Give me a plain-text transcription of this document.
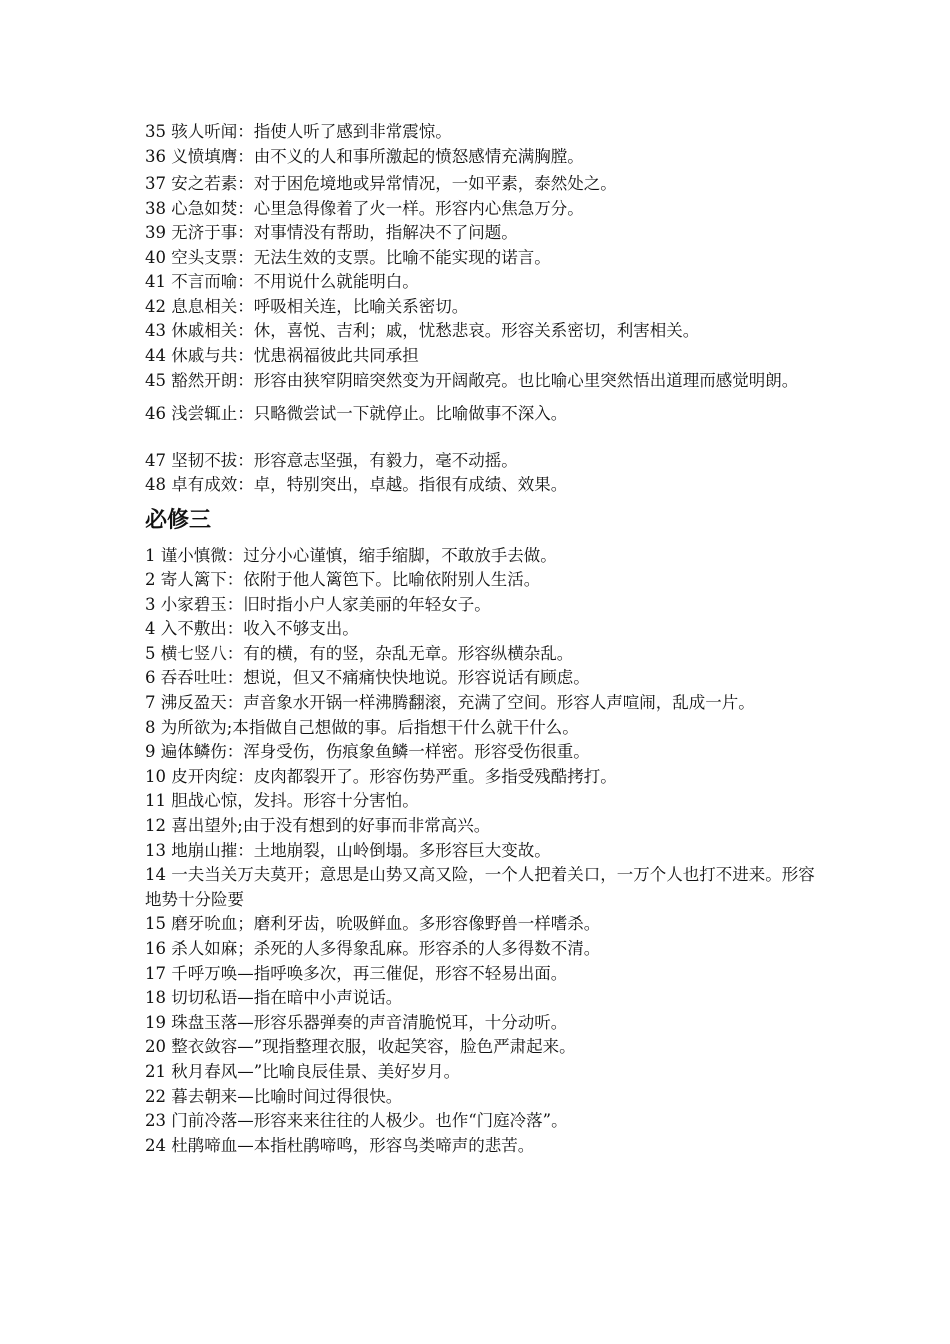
35 骇人听闻：指使人听了感到非常震惊。
36 义愤填膺：由不义的人和事所激起的愤怒感情充满胸膛。
37 安之若素：对于困危境地或异常情况，一如平素，泰然处之。
38 心急如焚：心里急得像着了火一样。形容内心焦急万分。
39 无济于事：对事情没有帮助，指解决不了问题。
40 空头支票：无法生效的支票。比喻不能实现的诺言。
41 不言而喻：不用说什么就能明白。
42 息息相关：呼吸相关连，比喻关系密切。
43 休戚相关：休，喜悦、吉利；戚，忧愁悲哀。形容关系密切，利害相关。
44 休戚与共：忧患祸福彼此共同承担
45 豁然开朗：形容由狭窄阴暗突然变为开阔敞亮。也比喻心里突然悟出道理而感觉明朗。
46 浅尝辄止：只略微尝试一下就停止。比喻做事不深入。
47 坚韧不拔：形容意志坚强，有毅力，毫不动摇。
48 卓有成效：卓，特别突出，卓越。指很有成绩、效果。
必修三
1 谨小慎微：过分小心谨慎，缩手缩脚，不敢放手去做。
2 寄人篱下：依附于他人篱笆下。比喻依附别人生活。
3 小家碧玉：旧时指小户人家美丽的年轻女子。
4 入不敷出：收入不够支出。
5 横七竖八：有的横，有的竖，杂乱无章。形容纵横杂乱。
6 吞吞吐吐：想说，但又不痛痛快快地说。形容说话有顾虑。
7 沸反盈天：声音象水开锅一样沸腾翻滚，充满了空间。形容人声喧闹，乱成一片。
8 为所欲为;本指做自己想做的事。后指想干什么就干什么。
9 遍体鳞伤：浑身受伤，伤痕象鱼鳞一样密。形容受伤很重。
10 皮开肉绽：皮肉都裂开了。形容伤势严重。多指受残酷拷打。
11 胆战心惊，发抖。形容十分害怕。
12 喜出望外;由于没有想到的好事而非常高兴。
13 地崩山摧：土地崩裂，山岭倒塌。多形容巨大变故。
14 一夫当关万夫莫开；意思是山势又高又险，一个人把着关口，一万个人也打不进来。形容地势十分险要
15 磨牙吮血；磨利牙齿，吮吸鲜血。多形容像野兽一样嗜杀。
16 杀人如麻；杀死的人多得象乱麻。形容杀的人多得数不清。
17 千呼万唤—指呼唤多次，再三催促，形容不轻易出面。
18 切切私语—指在暗中小声说话。
19 珠盘玉落—形容乐器弹奏的声音清脆悦耳，十分动听。
20 整衣敛容—”现指整理衣服，收起笑容，脸色严肃起来。
21 秋月春风—”比喻良辰佳景、美好岁月。
22 暮去朝来—比喻时间过得很快。
23 门前冷落—形容来来往往的人极少。也作“门庭冷落”。
24 杜鹃啼血—本指杜鹃啼鸣，形容鸟类啼声的悲苦。
